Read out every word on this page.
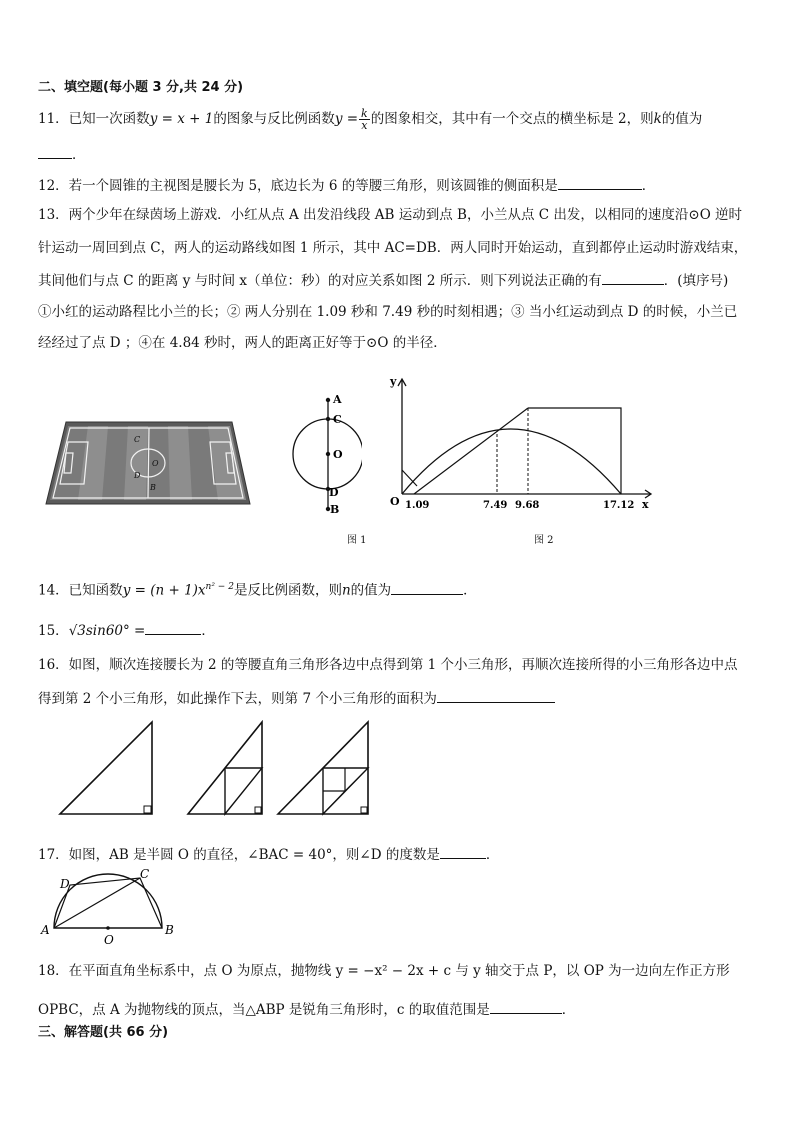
二、填空题(每小题 3 分,共 24 分)
11．已知一次函数y = x + 1的图象与反比例函数$y = \frac{k}{x}$ 的图象相交，其中有一个交点的横坐标是 2，则k的值为
．
12．若一个圆锥的主视图是腰长为 5，底边长为 6 的等腰三角形，则该圆锥的侧面积是	．
13．两个少年在绿茵场上游戏．小红从点 A 出发沿线段 AB 运动到点 B，小兰从点 C 出发，以相同的速度沿⊙O 逆时
针运动一周回到点 C，两人的运动路线如图 1 所示，其中 AC=DB．两人同时开始运动，直到都停止运动时游戏结束，
其间他们与点 C 的距离 y 与时间 x（单位：秒）的对应关系如图 2 所示．则下列说法正确的有	．(填序号)
①小红的运动路程比小兰的长；② 两人分别在 1.09 秒和 7.49 秒的时刻相遇；③ 当小红运动到点 D 的时候，小兰已
经经过了点 D ；④在 4.84 秒时，两人的距离正好等于⊙O 的半径．
C
O
D
B
A
C
O
D
B
图 1
y
x
O 1.09	7.49 9.68	17.12
图 2
14．已知函数$y = (n + 1)x^{n^2 - 2}$是反比例函数，则n的值为	．
15．√3sin60° =	．
16．如图，顺次连接腰长为 2 的等腰直角三角形各边中点得到第 1 个小三角形，再顺次连接所得的小三角形各边中点
得到第 2 个小三角形，如此操作下去，则第 7 个小三角形的面积为
17．如图，AB 是半圆 O 的直径，∠BAC = 40°，则∠D 的度数是	．
A	B
C
D
O
18．在平面直角坐标系中，点 O 为原点，抛物线 y = −x² − 2x + c 与 y 轴交于点 P，以 OP 为一边向左作正方形
OPBC，点 A 为抛物线的顶点，当△ABP 是锐角三角形时，c 的取值范围是	．
三、解答题(共 66 分)
